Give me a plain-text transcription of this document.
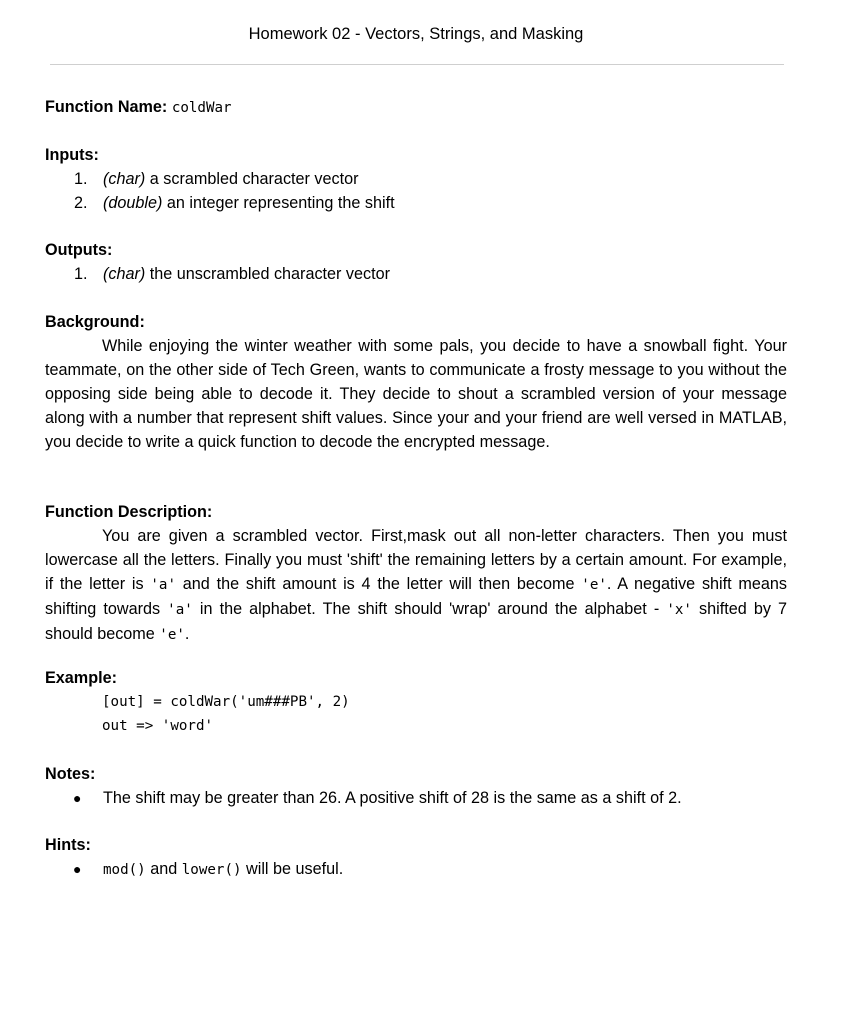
Homework 02 - Vectors, Strings, and Masking
Function Name: coldWar
Inputs:
1. (char) a scrambled character vector
2. (double) an integer representing the shift
Outputs:
1. (char) the unscrambled character vector
Background:
While enjoying the winter weather with some pals, you decide to have a snowball fight. Your teammate, on the other side of Tech Green, wants to communicate a frosty message to you without the opposing side being able to decode it. They decide to shout a scrambled version of your message along with a number that represent shift values. Since your and your friend are well versed in MATLAB, you decide to write a quick function to decode the encrypted message.
Function Description:
You are given a scrambled vector. First,mask out all non-letter characters. Then you must lowercase all the letters. Finally you must 'shift' the remaining letters by a certain amount. For example, if the letter is 'a' and the shift amount is 4 the letter will then become 'e'. A negative shift means shifting towards 'a' in the alphabet. The shift should 'wrap' around the alphabet - 'x' shifted by 7 should become 'e'.
Example:
[out] = coldWar('um###PB', 2)
out => 'word'
Notes:
● The shift may be greater than 26. A positive shift of 28 is the same as a shift of 2.
Hints:
● mod() and lower() will be useful.
